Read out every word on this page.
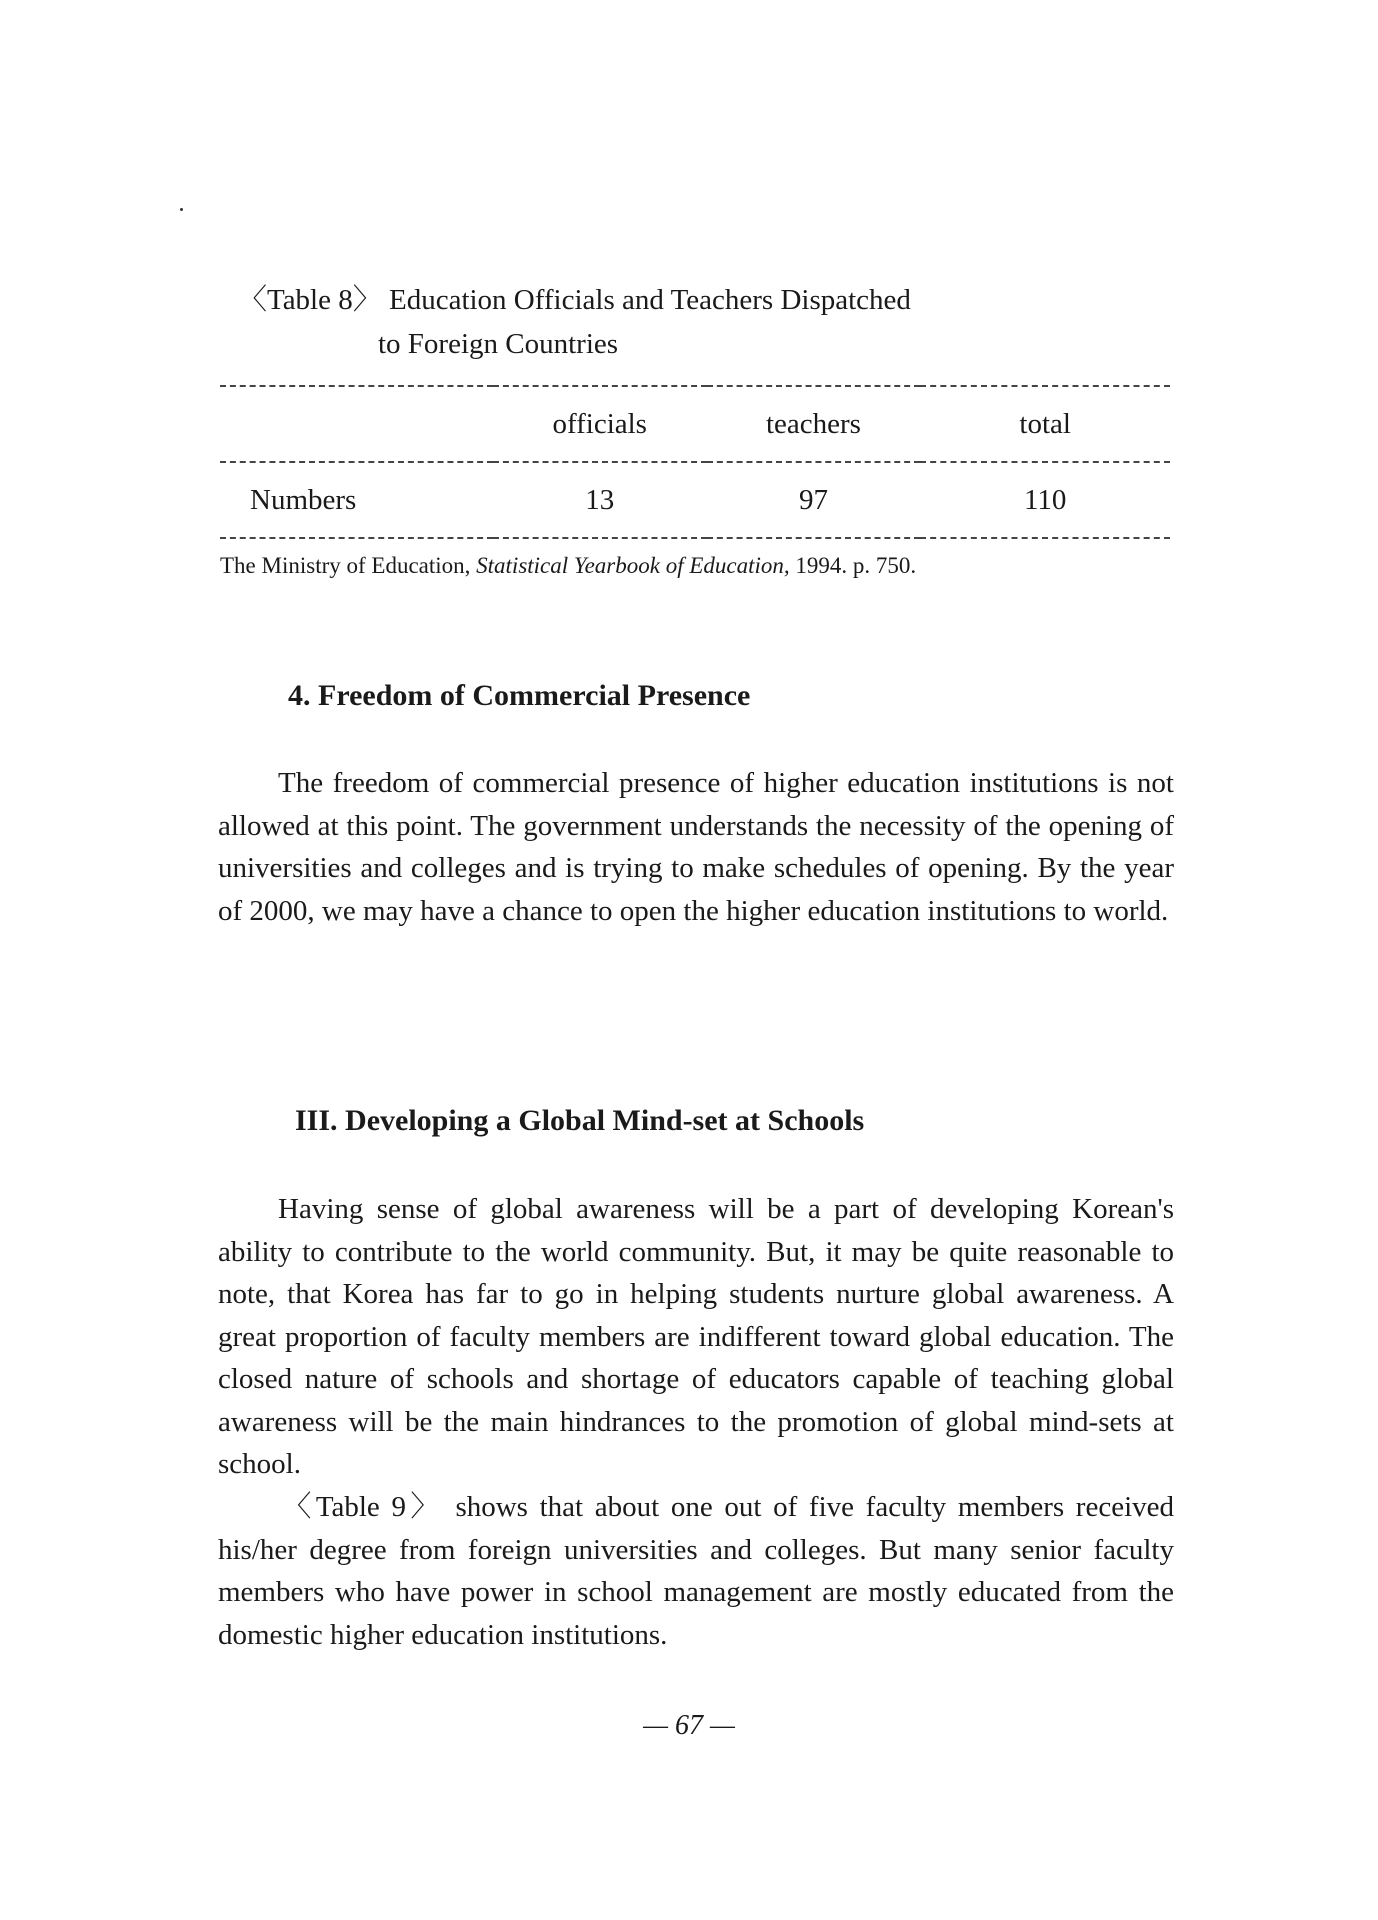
〈Table 8〉 Education Officials and Teachers Dispatched
to Foreign Countries
	officials	teachers	total
Numbers	13	97	110
The Ministry of Education, Statistical Yearbook of Education, 1994. p. 750.
4. Freedom of Commercial Presence

The freedom of commercial presence of higher education institutions is not allowed at this point. The government understands the necessity of the opening of universities and colleges and is trying to make schedules of opening. By the year of 2000, we may have a chance to open the higher education institutions to world.

III. Developing a Global Mind-set at Schools

Having sense of global awareness will be a part of developing Korean's ability to contribute to the world community. But, it may be quite reasonable to note, that Korea has far to go in helping students nurture global awareness. A great proportion of faculty members are indifferent toward global education. The closed nature of schools and shortage of educators capable of teaching global awareness will be the main hindrances to the promotion of global mind-sets at school.

〈Table 9〉 shows that about one out of five faculty members received his/her degree from foreign universities and colleges. But many senior faculty members who have power in school management are mostly educated from the domestic higher education institutions.

— 67 —
